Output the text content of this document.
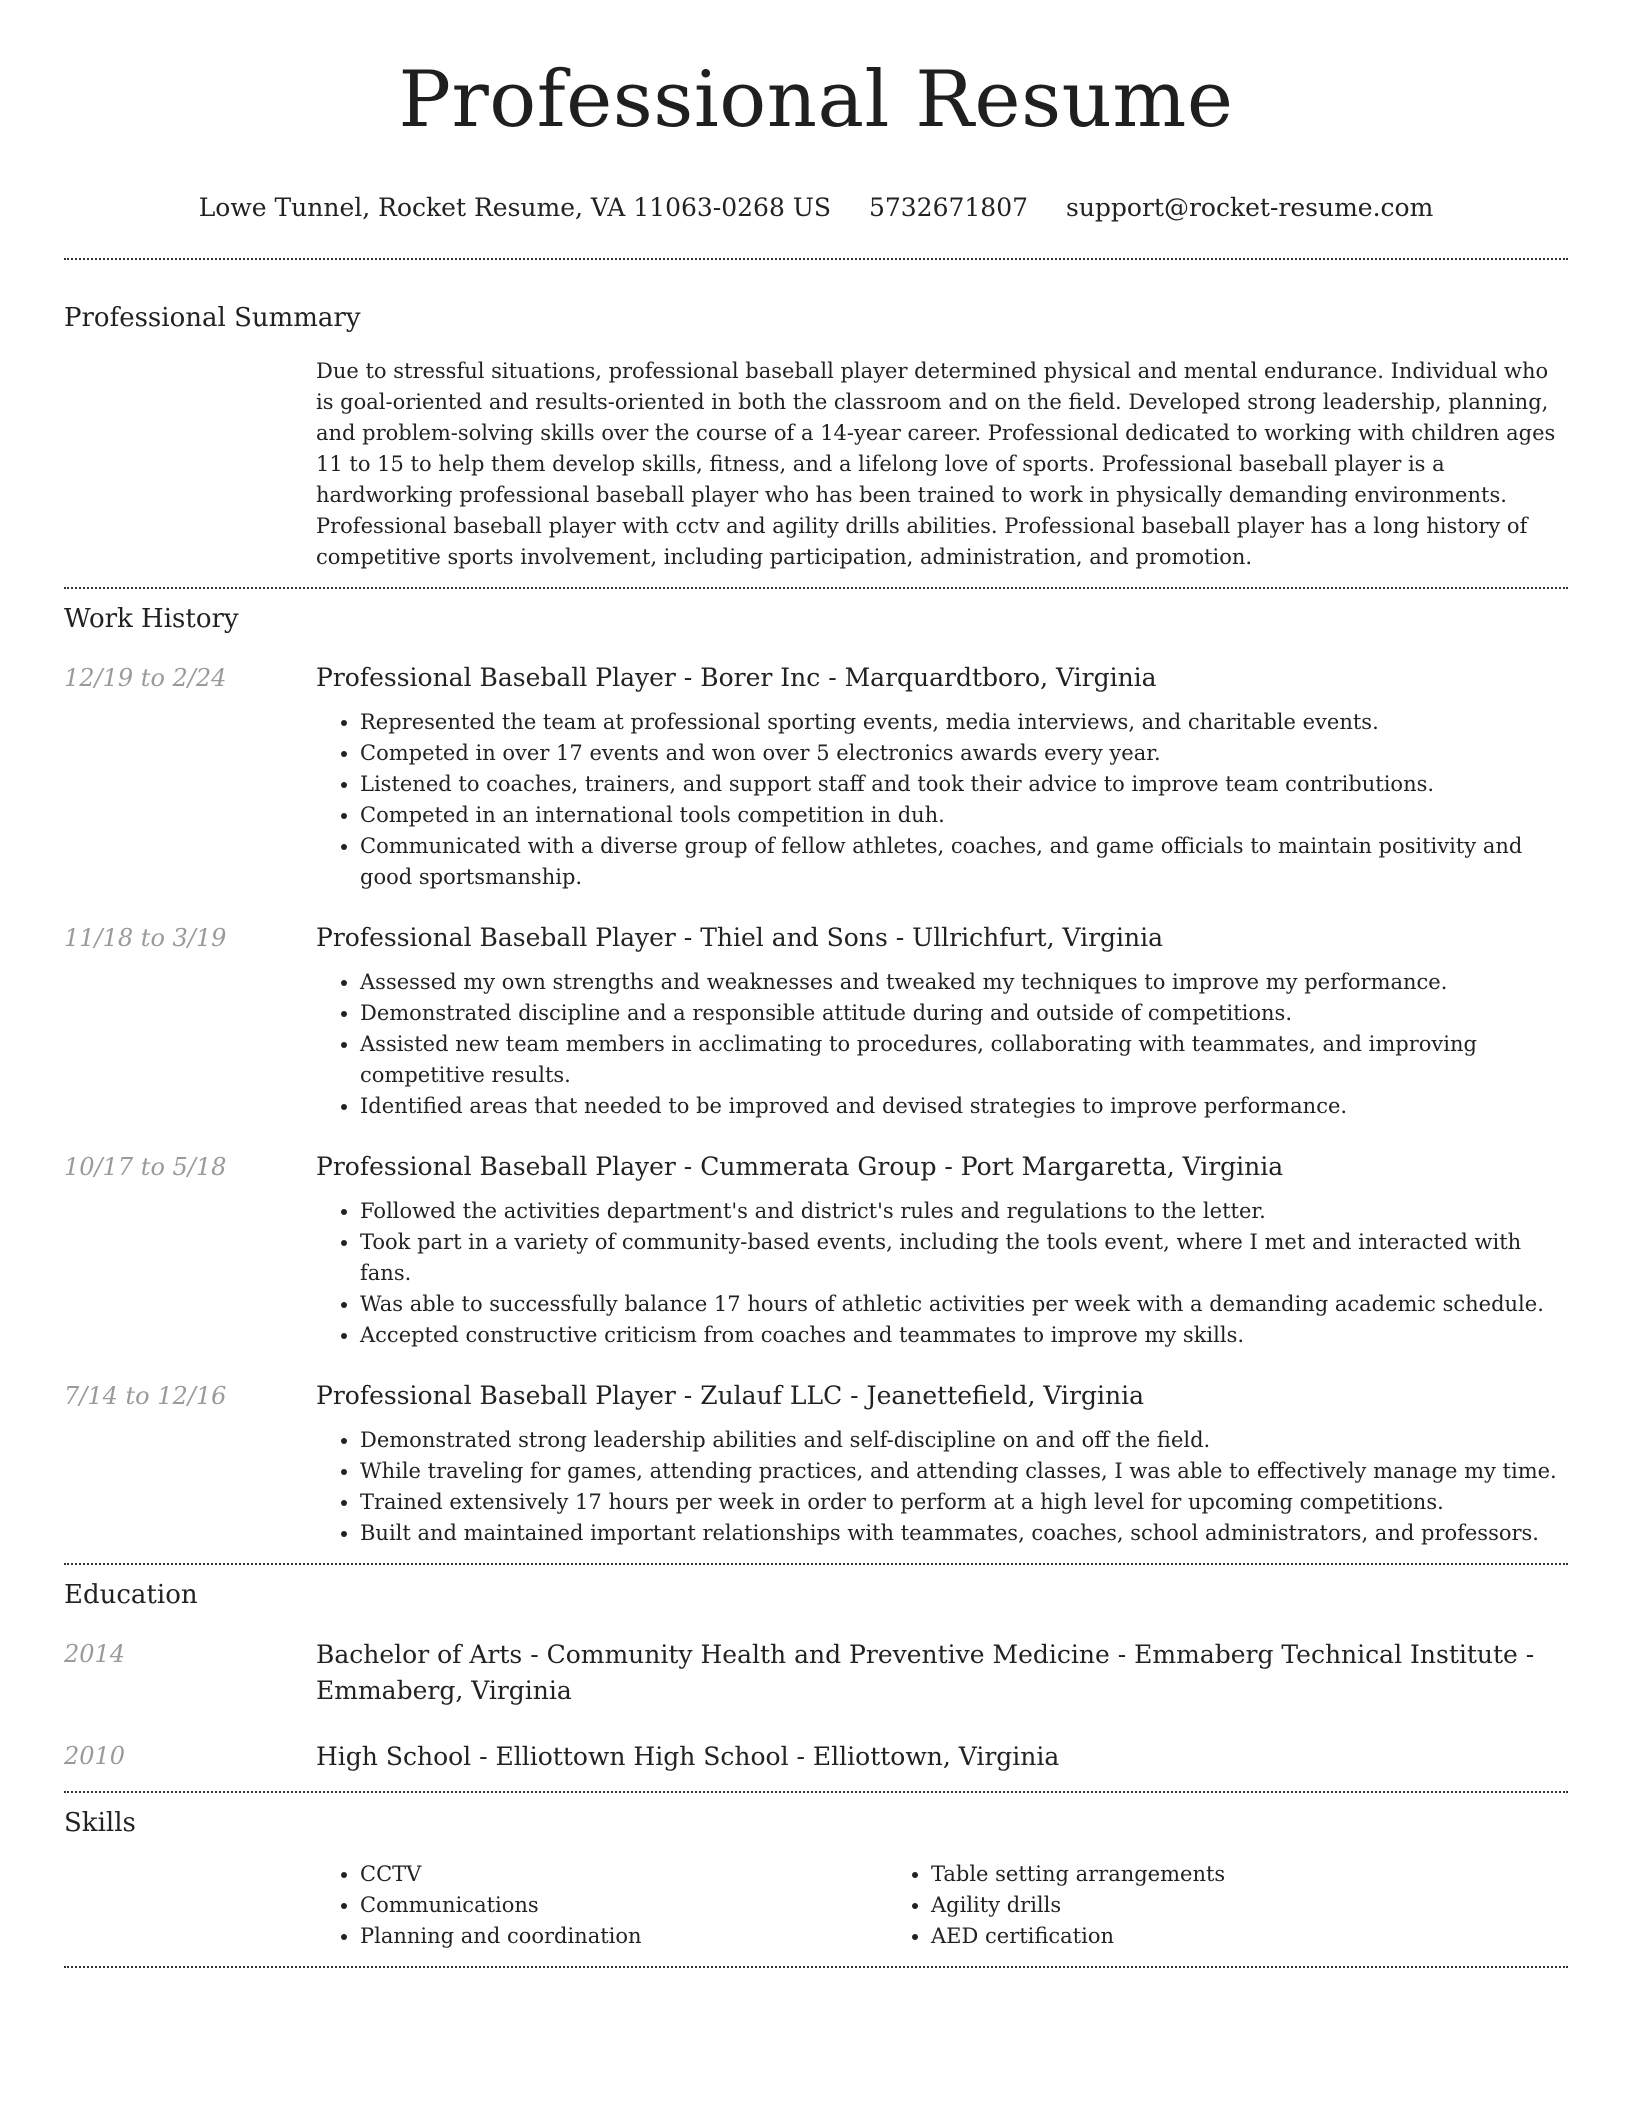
Professional Resume
Lowe Tunnel, Rocket Resume, VA 11063-0268 US 5732671807 support@rocket-resume.com
Professional Summary
Due to stressful situations, professional baseball player determined physical and mental endurance. Individual who is goal-oriented and results-oriented in both the classroom and on the field. Developed strong leadership, planning, and problem-solving skills over the course of a 14-year career. Professional dedicated to working with children ages 11 to 15 to help them develop skills, fitness, and a lifelong love of sports. Professional baseball player is a hardworking professional baseball player who has been trained to work in physically demanding environments. Professional baseball player with cctv and agility drills abilities. Professional baseball player has a long history of competitive sports involvement, including participation, administration, and promotion.
Work History
12/19 to 2/24	Professional Baseball Player - Borer Inc - Marquardtboro, Virginia
• Represented the team at professional sporting events, media interviews, and charitable events.
• Competed in over 17 events and won over 5 electronics awards every year.
• Listened to coaches, trainers, and support staff and took their advice to improve team contributions.
• Competed in an international tools competition in duh.
• Communicated with a diverse group of fellow athletes, coaches, and game officials to maintain positivity and good sportsmanship.
11/18 to 3/19	Professional Baseball Player - Thiel and Sons - Ullrichfurt, Virginia
• Assessed my own strengths and weaknesses and tweaked my techniques to improve my performance.
• Demonstrated discipline and a responsible attitude during and outside of competitions.
• Assisted new team members in acclimating to procedures, collaborating with teammates, and improving competitive results.
• Identified areas that needed to be improved and devised strategies to improve performance.
10/17 to 5/18	Professional Baseball Player - Cummerata Group - Port Margaretta, Virginia
• Followed the activities department's and district's rules and regulations to the letter.
• Took part in a variety of community-based events, including the tools event, where I met and interacted with fans.
• Was able to successfully balance 17 hours of athletic activities per week with a demanding academic schedule.
• Accepted constructive criticism from coaches and teammates to improve my skills.
7/14 to 12/16	Professional Baseball Player - Zulauf LLC - Jeanettefield, Virginia
• Demonstrated strong leadership abilities and self-discipline on and off the field.
• While traveling for games, attending practices, and attending classes, I was able to effectively manage my time.
• Trained extensively 17 hours per week in order to perform at a high level for upcoming competitions.
• Built and maintained important relationships with teammates, coaches, school administrators, and professors.
Education
2014	Bachelor of Arts - Community Health and Preventive Medicine - Emmaberg Technical Institute - Emmaberg, Virginia
2010	High School - Elliottown High School - Elliottown, Virginia
Skills
• CCTV
• Communications
• Planning and coordination
• Table setting arrangements
• Agility drills
• AED certification
